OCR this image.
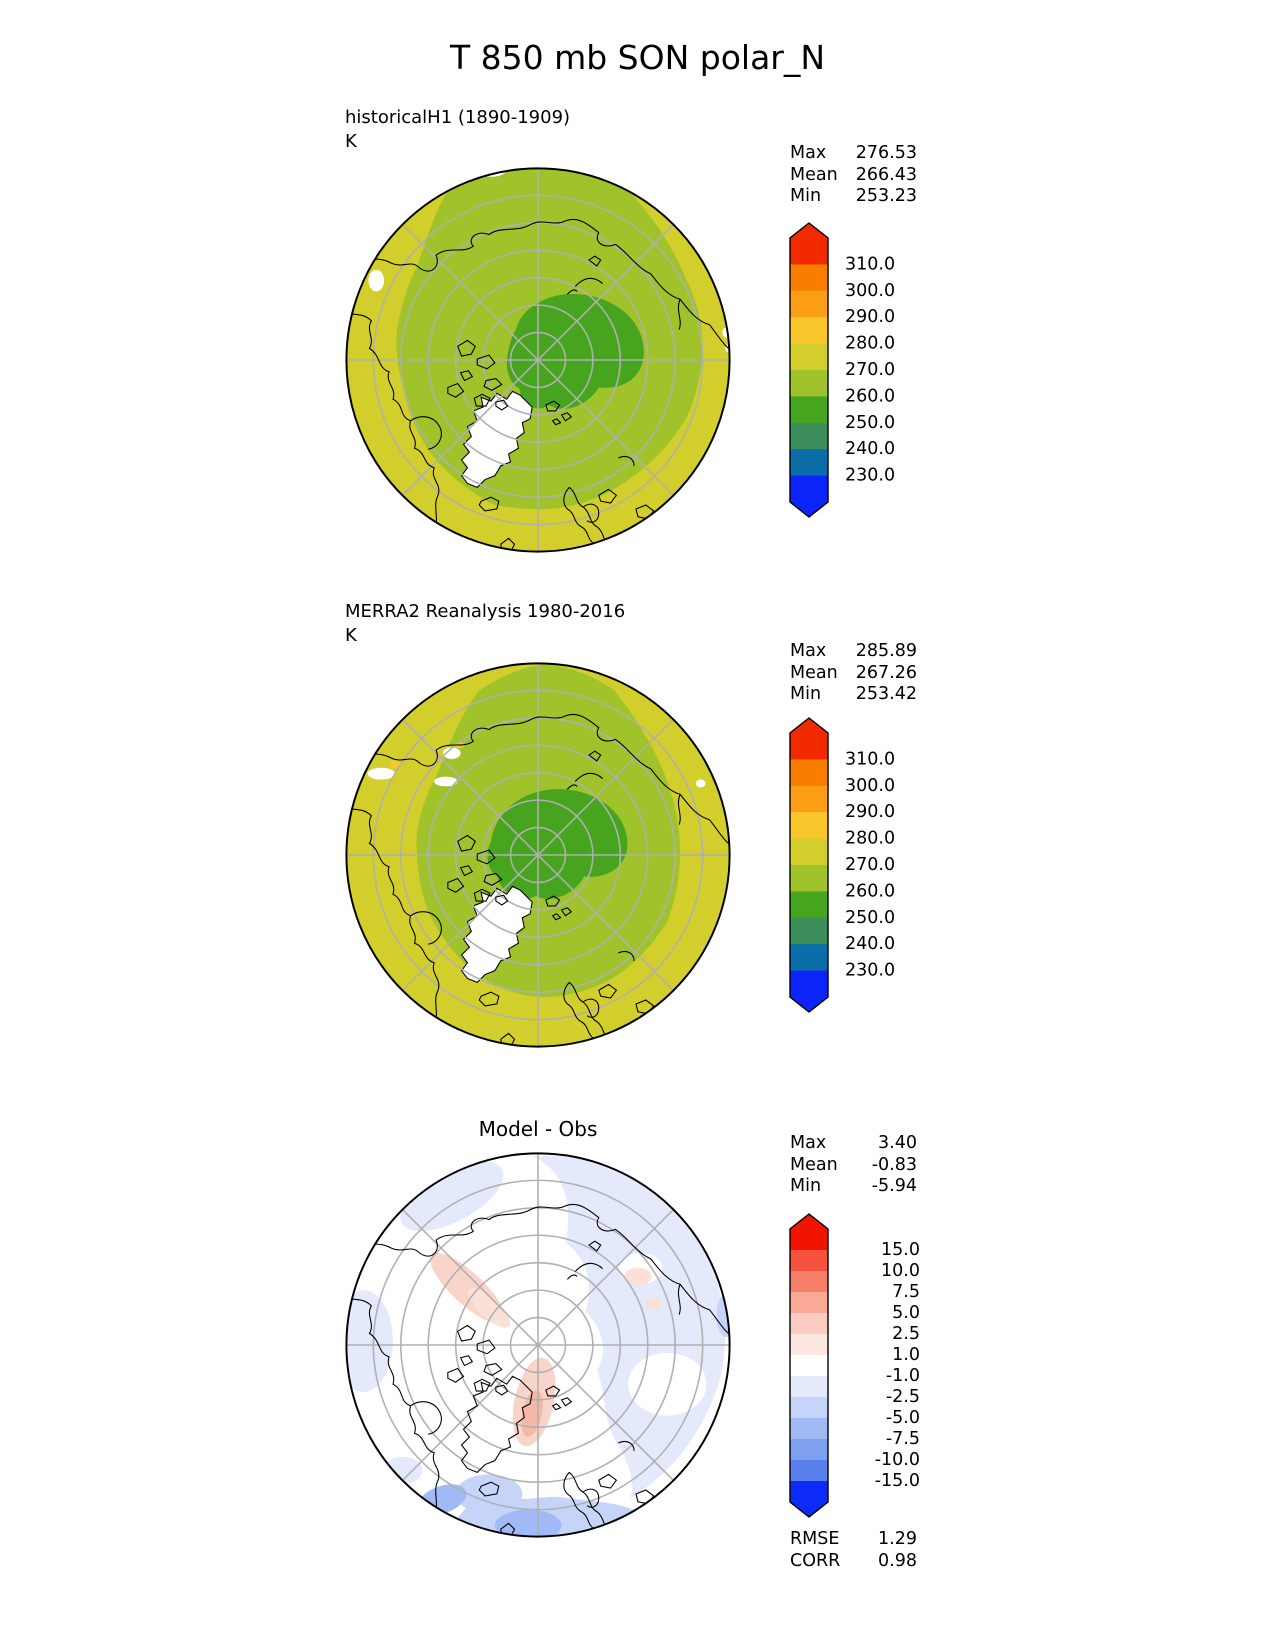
T 850 mb SON polar_N
historicalH1 (1890-1909)
K
Max 276.53
Mean 266.43
Min 253.23
310.0
300.0
290.0
280.0
270.0
260.0
250.0
240.0
230.0
MERRA2 Reanalysis 1980-2016
K
Max 285.89
Mean 267.26
Min 253.42
310.0
300.0
290.0
280.0
270.0
260.0
250.0
240.0
230.0
Model - Obs
Max	3.40
Mean -0.83
Min	-5.94
15.0
10.0
7.5
5.0
2.5
1.0
-1.0
-2.5
-5.0
-7.5
-10.0
-15.0
RMSE 1.29
CORR 0.98
